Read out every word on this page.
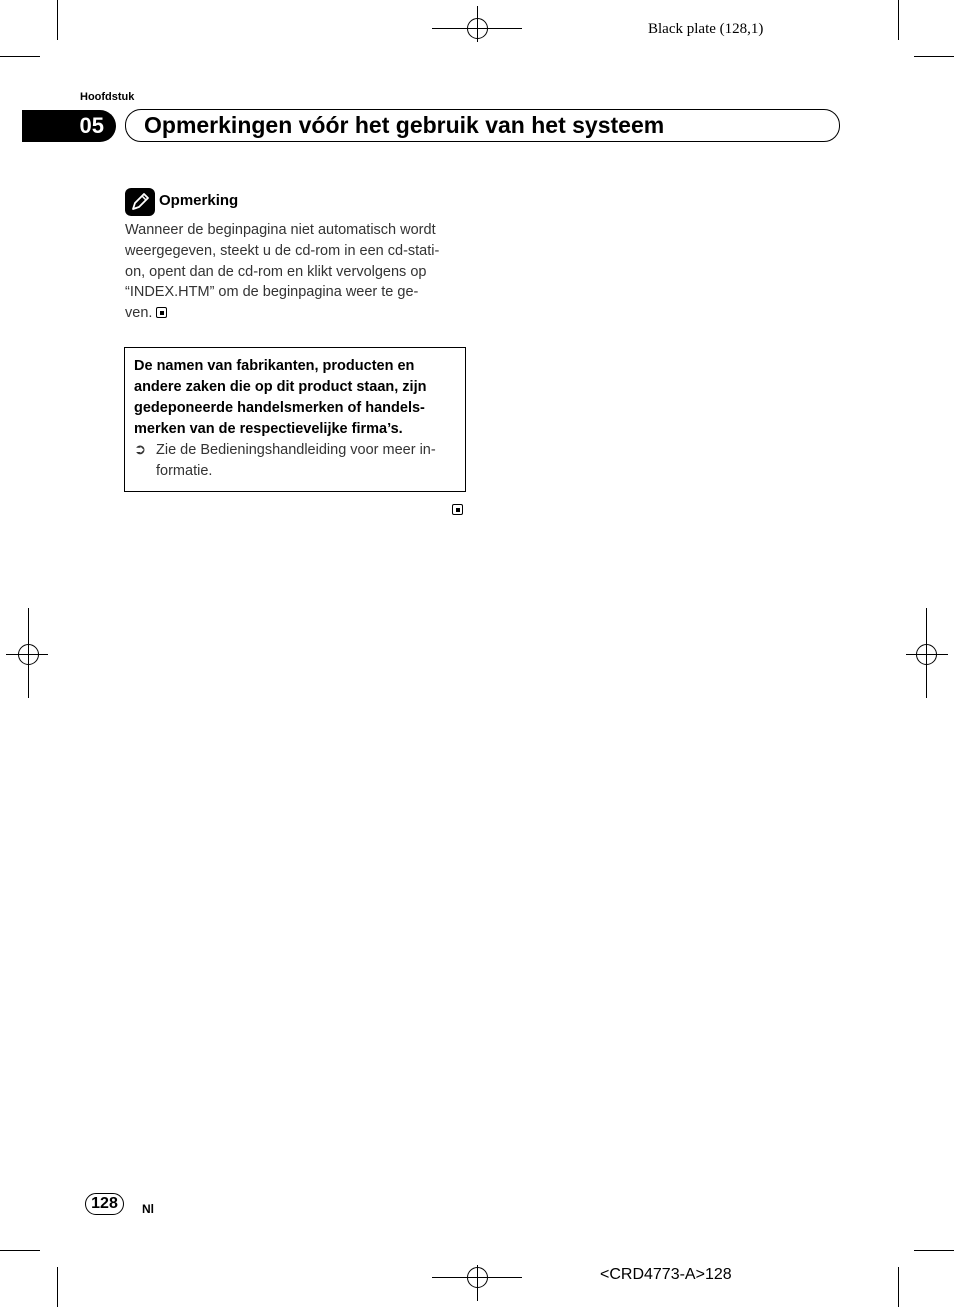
Black plate (128,1)
Hoofdstuk
05 Opmerkingen vóór het gebruik van het systeem
Opmerking
Wanneer de beginpagina niet automatisch wordt
weergegeven, steekt u de cd-rom in een cd-stati-
on, opent dan de cd-rom en klikt vervolgens op
“INDEX.HTM” om de beginpagina weer te ge-
ven.
De namen van fabrikanten, producten en
andere zaken die op dit product staan, zijn
gedeponeerde handelsmerken of handels-
merken van de respectievelijke firma’s.
➲ Zie de Bedieningshandleiding voor meer in-
formatie.
128 Nl
<CRD4773-A>128
